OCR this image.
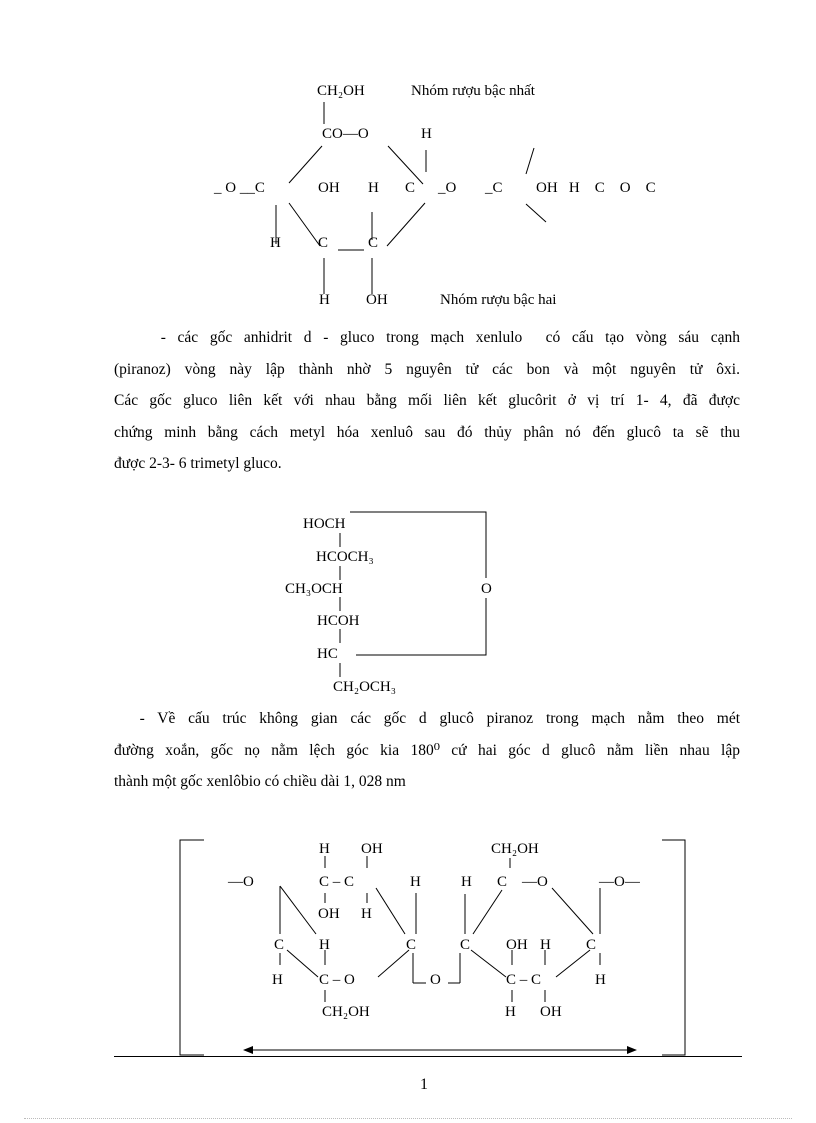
CH₂OH	Nhóm rượu bậc nhất
CO—O	H
_ O __C	OH H C _O _C OH   H    C    O    C
H C	C
H OH	Nhóm rượu bậc hai
- các gốc anhidrit d - gluco trong mạch xenlulo  có cấu tạo vòng sáu cạnh
(piranoz) vòng này lập thành nhờ 5 nguyên tử các bon và một nguyên tử ôxi.
Các gốc gluco liên kết với nhau bằng mối liên kết glucôrit ở vị trí 1- 4, đã được
chứng minh bằng cách metyl hóa xenluô sau đó thủy phân nó đến glucô ta sẽ thu
được 2-3- 6 trimetyl gluco.
HOCH
HCOCH₃
CH₃OCH
HCOH
HC
CH₂OCH₃
O
- Về cấu trúc không gian các gốc d glucô piranoz trong mạch nằm theo mét
đường xoắn, gốc nọ nằm lệch góc kia 180⁰ cứ hai góc d glucô nằm liền nhau lập
thành một gốc xenlôbio có chiều dài 1, 028 nm
H OH	CH₂OH
—O	C – C	H	H C —O	—O—
OH H
C H	C	C OH H C
H C – O	O	C – C	H
CH₂OH	H OH
1
